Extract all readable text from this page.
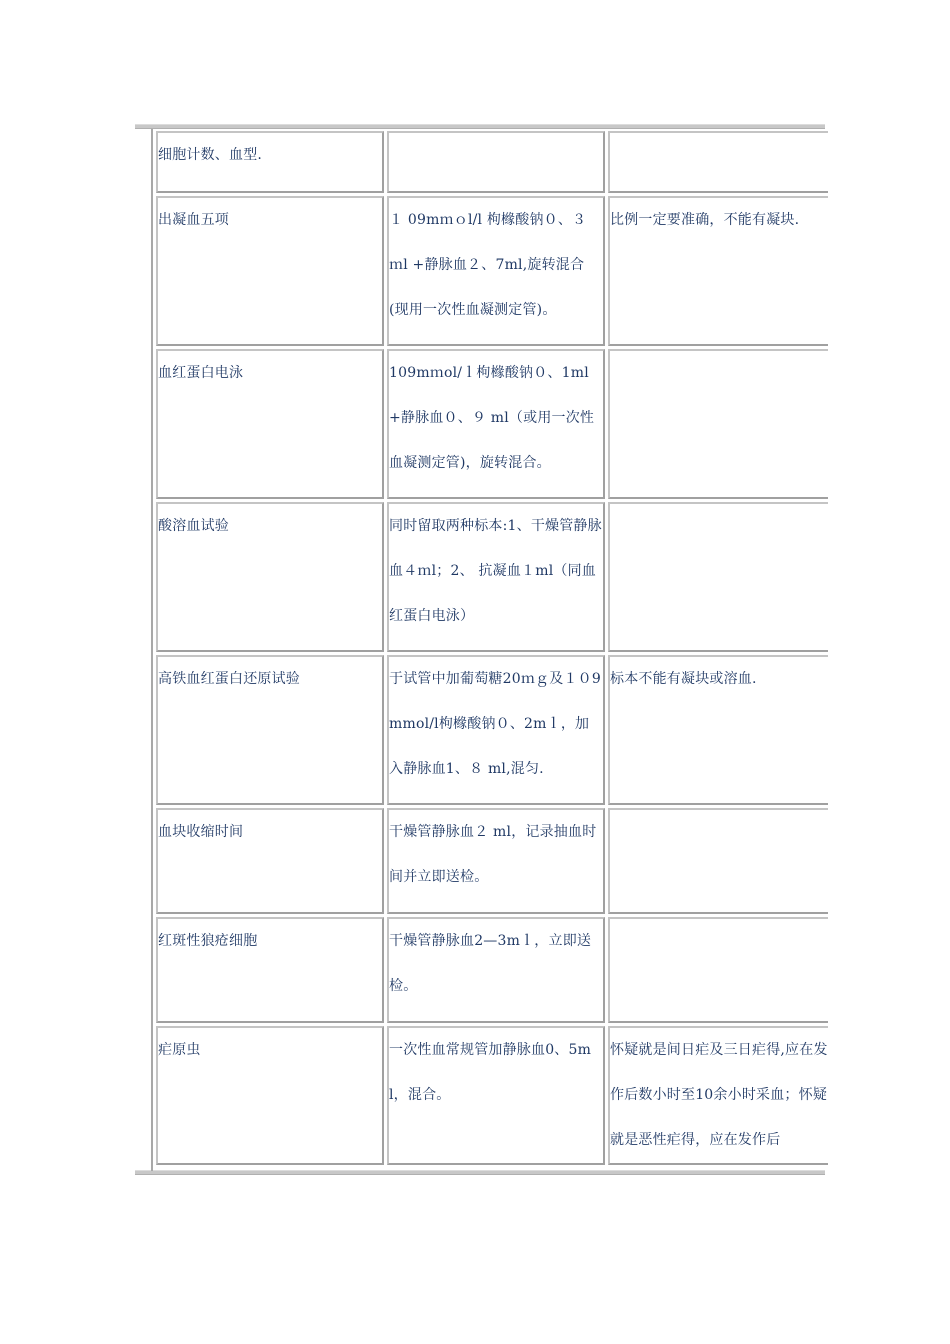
细胞计数、血型.		

出凝血五项	１ 09mｍｏl/l 枸橼酸钠０、３ ｍl +静脉血２、7ml,旋转混合(现用一次性血凝测定管)。	比例一定要准确，不能有凝块.

血红蛋白电泳	109mｍol/ｌ枸橼酸钠０、1ml+静脉血０、９ ml（或用一次性血凝测定管)，旋转混合。	

酸溶血试验	同时留取两种标本:1、干燥管静脉血４ｍl；2、 抗凝血１ml（同血红蛋白电泳）	

高铁血红蛋白还原试验	于试管中加葡萄糖20ｍｇ及１０9mmol/l枸橼酸钠０、2mｌ，加入静脉血1、８ ml,混匀.	标本不能有凝块或溶血.

血块收缩时间	干燥管静脉血２ ml，记录抽血时间并立即送检。	

红斑性狼疮细胞	干燥管静脉血2—3mｌ，立即送检。	

疟原虫	一次性血常规管加静脉血0、5ml，混合。	怀疑就是间日疟及三日疟得,应在发作后数小时至10余小时采血；怀疑就是恶性疟得，应在发作后
